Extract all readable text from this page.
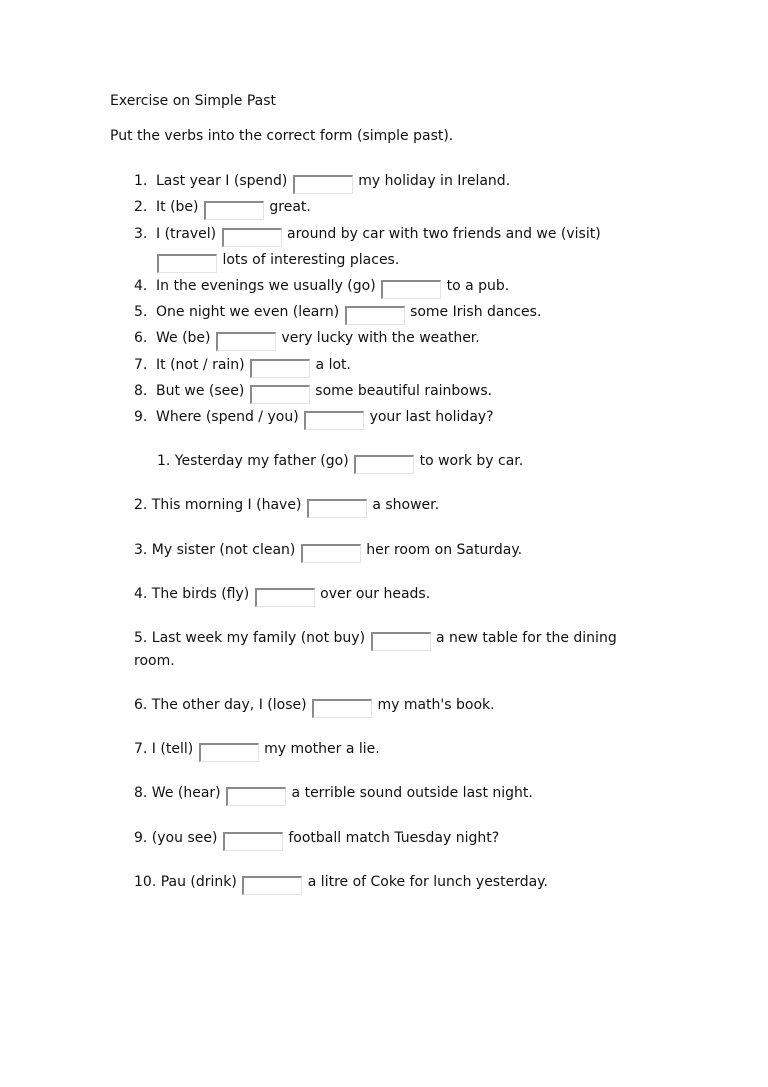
Exercise on Simple Past
Put the verbs into the correct form (simple past).
1. Last year I (spend)	my holiday in Ireland.
2. It (be)	great.
3. I (travel)	around by car with two friends and we (visit)
lots of interesting places.
4. In the evenings we usually (go)	to a pub.
5. One night we even (learn)	some Irish dances.
6. We (be)	very lucky with the weather.
7. It (not / rain)	a lot.
8. But we (see)	some beautiful rainbows.
9. Where (spend / you)	your last holiday?
1. Yesterday my father (go)	to work by car.
2. This morning I (have)	a shower.
3. My sister (not clean)	her room on Saturday.
4. The birds (fly)	over our heads.
5. Last week my family (not buy)	a new table for the dining
room.
6. The other day, I (lose)	my math's book.
7. I (tell)	my mother a lie.
8. We (hear)	a terrible sound outside last night.
9. (you see)	football match Tuesday night?
10. Pau (drink)	a litre of Coke for lunch yesterday.
